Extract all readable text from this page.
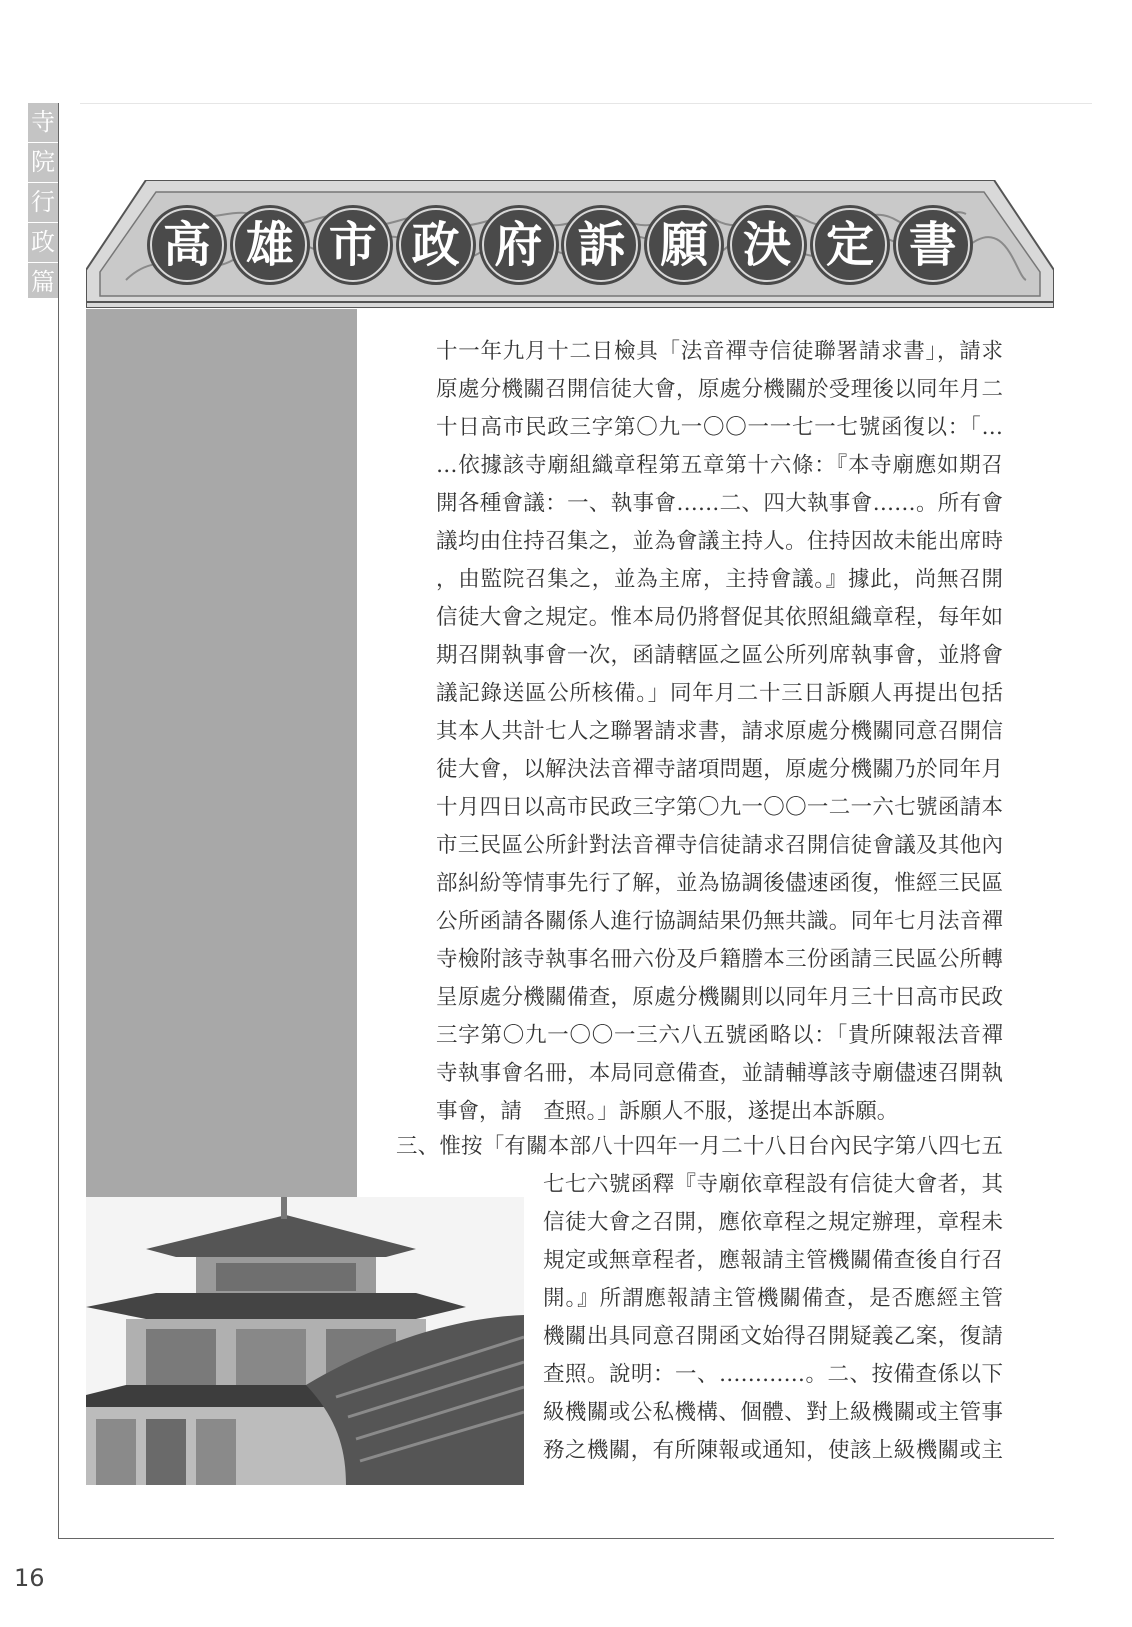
寺
院
行
政
篇
高 雄 市 政 府 訴 願 決 定 書
十一年九月十二日檢具「法音禪寺信徒聯署請求書」，請求
原處分機關召開信徒大會，原處分機關於受理後以同年月二
十日高市民政三字第〇九一〇〇一一七一七號函復以：「…
…依據該寺廟組織章程第五章第十六條：『本寺廟應如期召
開各種會議：一、執事會……二、四大執事會……。所有會
議均由住持召集之，並為會議主持人。住持因故未能出席時
，由監院召集之，並為主席，主持會議。』據此，尚無召開
信徒大會之規定。惟本局仍將督促其依照組織章程，每年如
期召開執事會一次，函請轄區之區公所列席執事會，並將會
議記錄送區公所核備。」同年月二十三日訴願人再提出包括
其本人共計七人之聯署請求書，請求原處分機關同意召開信
徒大會，以解決法音禪寺諸項問題，原處分機關乃於同年月
十月四日以高市民政三字第〇九一〇〇一二一六七號函請本
市三民區公所針對法音禪寺信徒請求召開信徒會議及其他內
部糾紛等情事先行了解，並為協調後儘速函復，惟經三民區
公所函請各關係人進行協調結果仍無共識。同年七月法音禪
寺檢附該寺執事名冊六份及戶籍謄本三份函請三民區公所轉
呈原處分機關備查，原處分機關則以同年月三十日高市民政
三字第〇九一〇〇一三六八五號函略以：「貴所陳報法音禪
寺執事會名冊，本局同意備查，並請輔導該寺廟儘速召開執
事會，請　查照。」訴願人不服，遂提出本訴願。
三、惟按「有關本部八十四年一月二十八日台內民字第八四七五
七七六號函釋『寺廟依章程設有信徒大會者，其
信徒大會之召開，應依章程之規定辦理，章程未
規定或無章程者，應報請主管機關備查後自行召
開。』所謂應報請主管機關備查，是否應經主管
機關出具同意召開函文始得召開疑義乙案，復請
查照。說明：一、…………。二、按備查係以下
級機關或公私機構、個體、對上級機關或主管事
務之機關，有所陳報或通知，使該上級機關或主
16
